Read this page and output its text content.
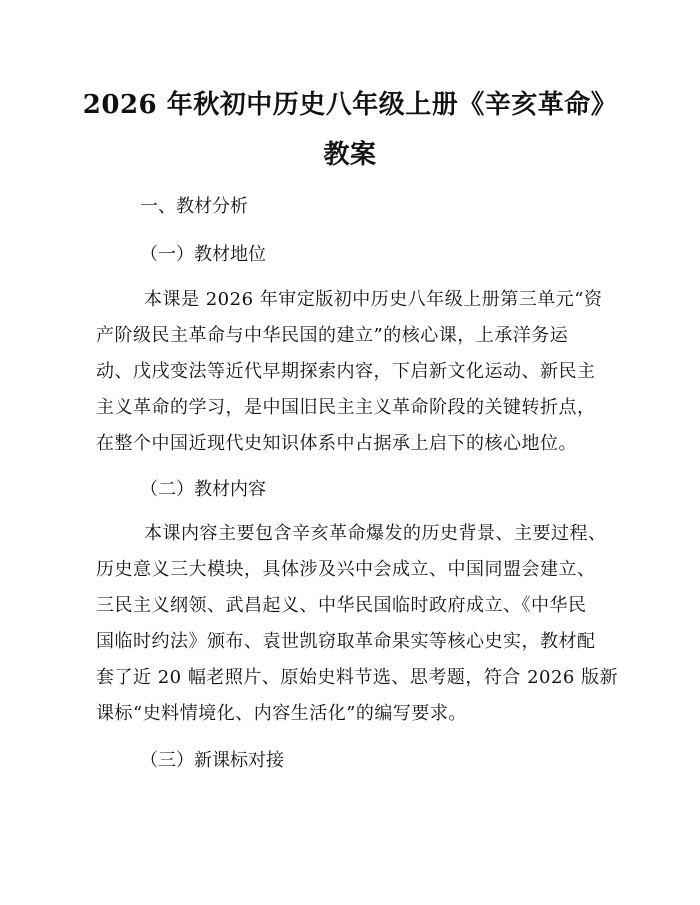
2026 年秋初中历史八年级上册《辛亥革命》
教案
一、教材分析
（一）教材地位
本课是 2026 年审定版初中历史八年级上册第三单元“资
产阶级民主革命与中华民国的建立”的核心课，上承洋务运
动、戊戌变法等近代早期探索内容，下启新文化运动、新民主
主义革命的学习，是中国旧民主主义革命阶段的关键转折点，
在整个中国近现代史知识体系中占据承上启下的核心地位。
（二）教材内容
本课内容主要包含辛亥革命爆发的历史背景、主要过程、
历史意义三大模块，具体涉及兴中会成立、中国同盟会建立、
三民主义纲领、武昌起义、中华民国临时政府成立、《中华民
国临时约法》颁布、袁世凯窃取革命果实等核心史实，教材配
套了近 20 幅老照片、原始史料节选、思考题，符合 2026 版新
课标“史料情境化、内容生活化”的编写要求。
（三）新课标对接
